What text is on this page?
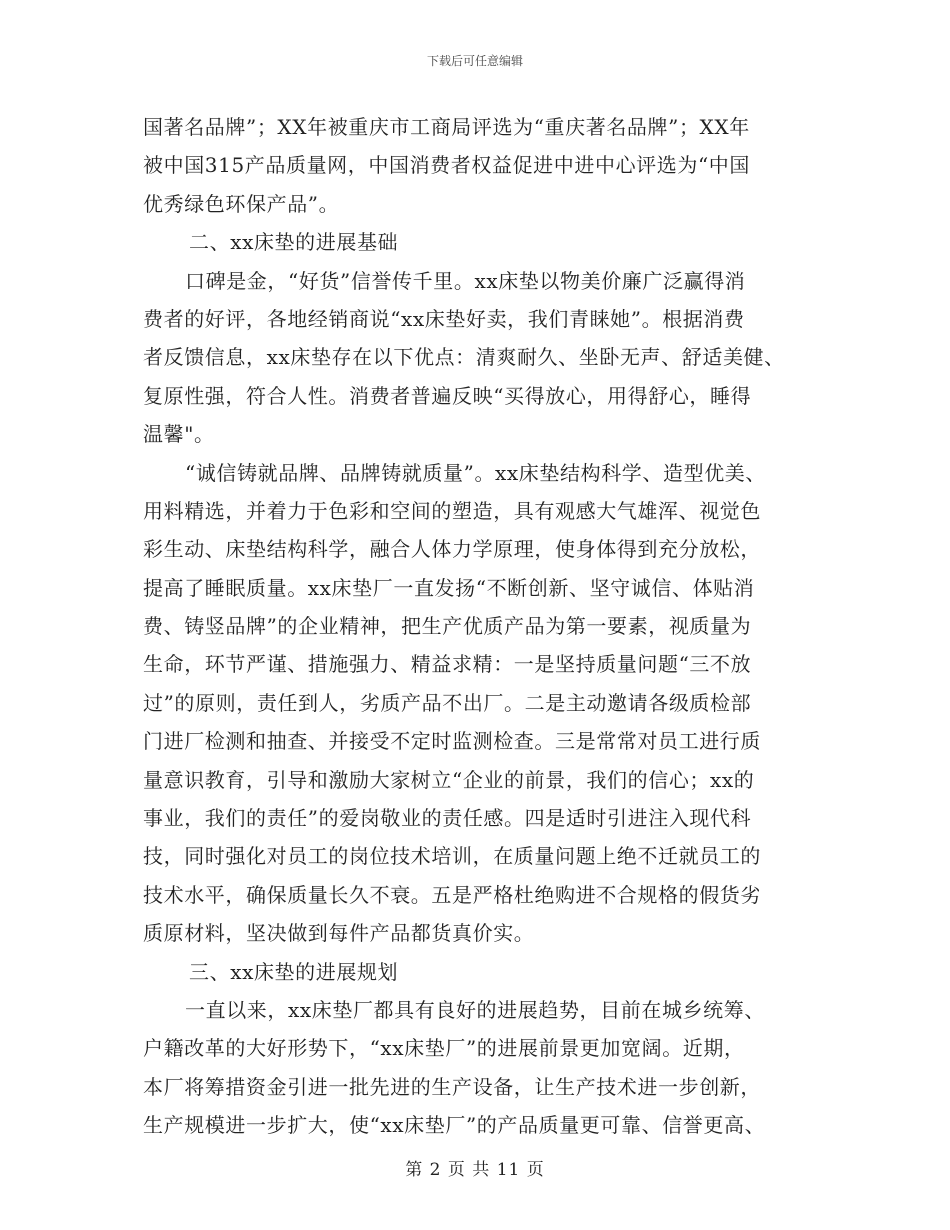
下载后可任意编辑
国著名品牌”；XX年被重庆市工商局评选为“重庆著名品牌”；XX年
被中国315产品质量网，中国消费者权益促进中进中心评选为“中国
优秀绿色环保产品”。
二、xx床垫的进展基础
口碑是金，“好货”信誉传千里。xx床垫以物美价廉广泛赢得消
费者的好评，各地经销商说“xx床垫好卖，我们青睐她”。根据消费
者反馈信息，xx床垫存在以下优点：清爽耐久、坐卧无声、舒适美健、
复原性强，符合人性。消费者普遍反映“买得放心，用得舒心，睡得
温馨"。
“诚信铸就品牌、品牌铸就质量”。xx床垫结构科学、造型优美、
用料精选，并着力于色彩和空间的塑造，具有观感大气雄浑、视觉色
彩生动、床垫结构科学，融合人体力学原理，使身体得到充分放松，
提高了睡眠质量。xx床垫厂一直发扬“不断创新、坚守诚信、体贴消
费、铸竖品牌”的企业精神，把生产优质产品为第一要素，视质量为
生命，环节严谨、措施强力、精益求精：一是坚持质量问题“三不放
过”的原则，责任到人，劣质产品不出厂。二是主动邀请各级质检部
门进厂检测和抽查、并接受不定时监测检查。三是常常对员工进行质
量意识教育，引导和激励大家树立“企业的前景，我们的信心；xx的
事业，我们的责任”的爱岗敬业的责任感。四是适时引进注入现代科
技，同时强化对员工的岗位技术培训，在质量问题上绝不迁就员工的
技术水平，确保质量长久不衰。五是严格杜绝购进不合规格的假货劣
质原材料，坚决做到每件产品都货真价实。
三、xx床垫的进展规划
一直以来，xx床垫厂都具有良好的进展趋势，目前在城乡统筹、
户籍改革的大好形势下，“xx床垫厂”的进展前景更加宽阔。近期，
本厂将筹措资金引进一批先进的生产设备，让生产技术进一步创新，
生产规模进一步扩大，使“xx床垫厂”的产品质量更可靠、信誉更高、
第 2 页 共 11 页
